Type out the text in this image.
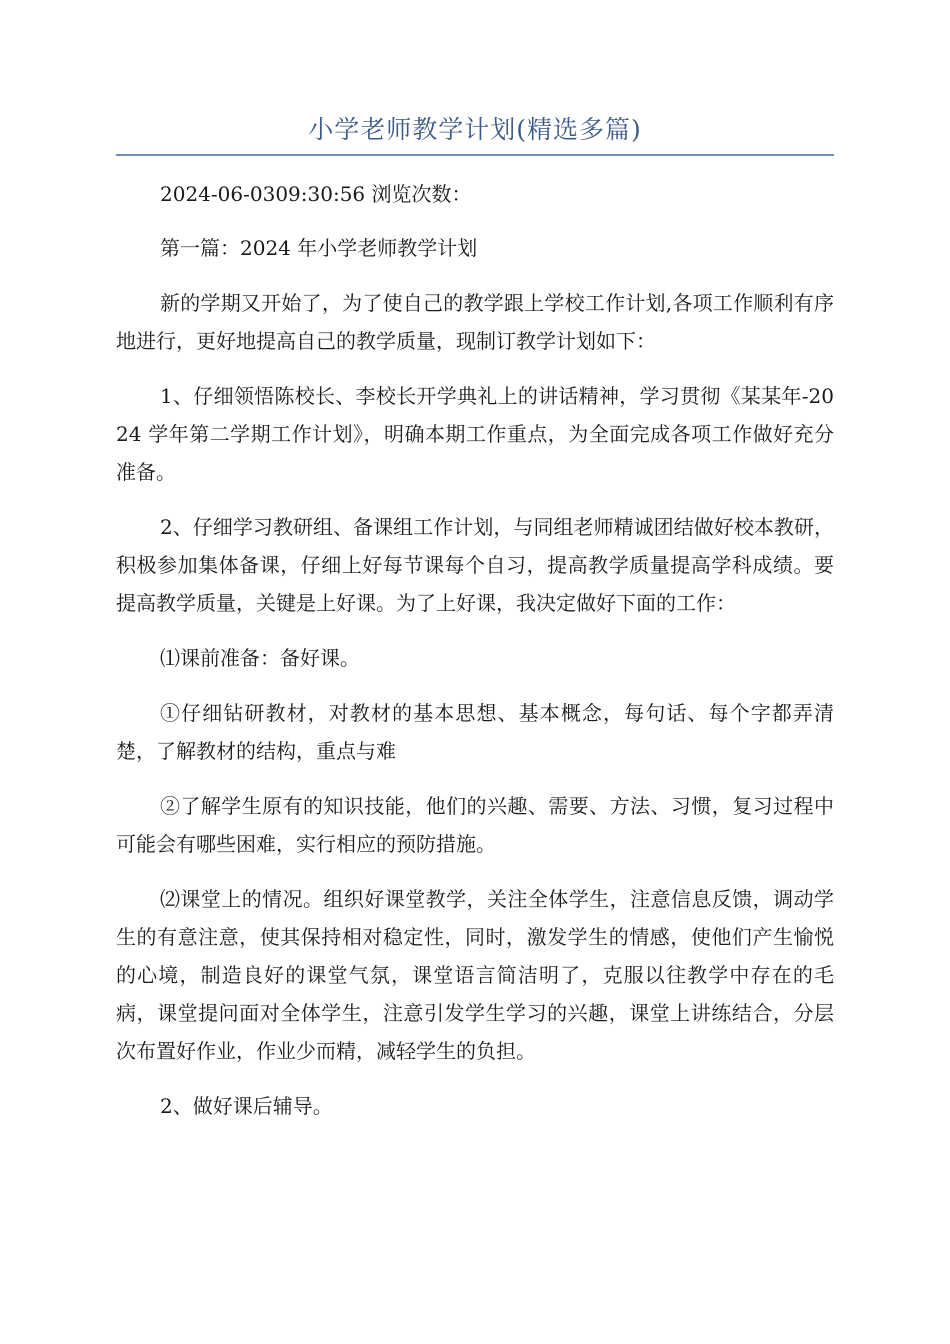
小学老师教学计划(精选多篇)

2024-06-0309:30:56 浏览次数：

第一篇：2024 年小学老师教学计划

新的学期又开始了，为了使自己的教学跟上学校工作计划,各项工作顺利有序地进行，更好地提高自己的教学质量，现制订教学计划如下：

1、仔细领悟陈校长、李校长开学典礼上的讲话精神，学习贯彻《某某年-2024 学年第二学期工作计划》，明确本期工作重点，为全面完成各项工作做好充分准备。

2、仔细学习教研组、备课组工作计划，与同组老师精诚团结做好校本教研，积极参加集体备课，仔细上好每节课每个自习，提高教学质量提高学科成绩。要提高教学质量，关键是上好课。为了上好课，我决定做好下面的工作：

⑴课前准备：备好课。

①仔细钻研教材，对教材的基本思想、基本概念，每句话、每个字都弄清楚，了解教材的结构，重点与难

②了解学生原有的知识技能，他们的兴趣、需要、方法、习惯，复习过程中可能会有哪些困难，实行相应的预防措施。

⑵课堂上的情况。组织好课堂教学，关注全体学生，注意信息反馈，调动学生的有意注意，使其保持相对稳定性，同时，激发学生的情感，使他们产生愉悦的心境，制造良好的课堂气氛，课堂语言简洁明了，克服以往教学中存在的毛病，课堂提问面对全体学生，注意引发学生学习的兴趣，课堂上讲练结合，分层次布置好作业，作业少而精，减轻学生的负担。

2、做好课后辅导。
